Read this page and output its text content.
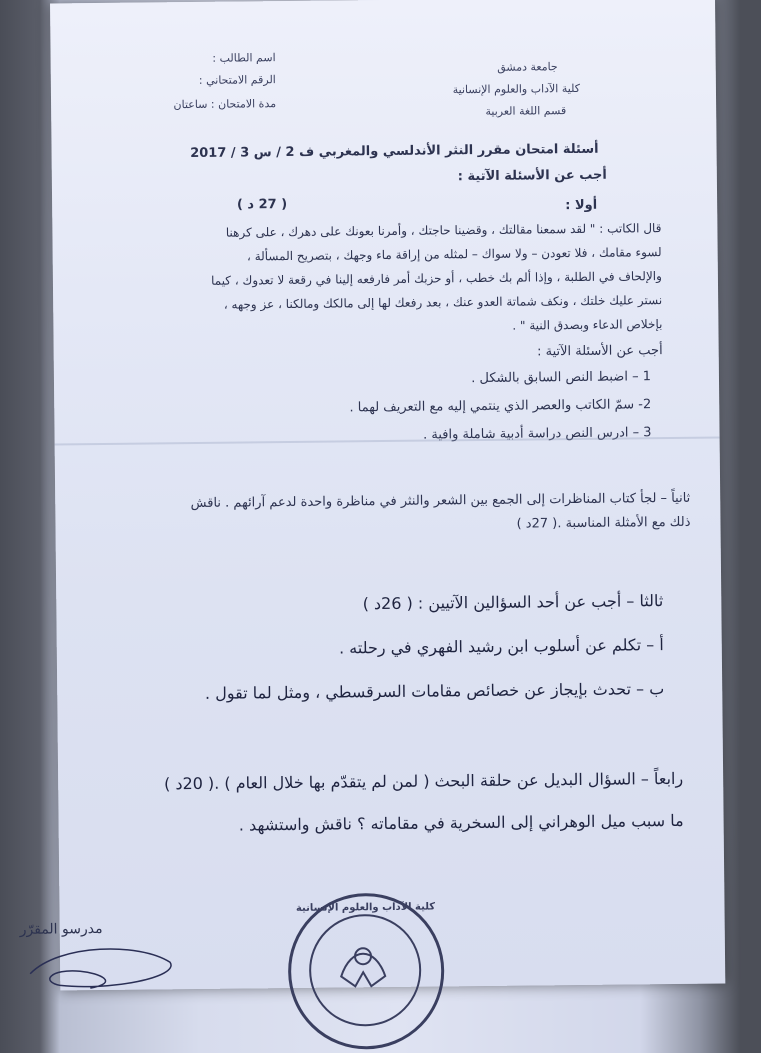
جامعة دمشق
كلية الآداب والعلوم الإنسانية
قسم اللغة العربية
اسم الطالب :
الرقم الامتحاني :
مدة الامتحان : ساعتان
أسئلة امتحان مقرر النثر الأندلسي والمغربي ف 2 / س 3 / 2017
أجب عن الأسئلة الآتية :
أولا :
( 27 د )
قال الكاتب : " لقد سمعنا مقالتك ، وقضينا حاجتك ، وأمرنا بعونك على دهرك ، على كرهنا
لسوء مقامك ، فلا تعودن – ولا سواك – لمثله من إراقة ماء وجهك ، بتصريح المسألة ،
والإلحاف في الطلبة ، وإذا ألم بك خطب ، أو حزبك أمر فارفعه إلينا في رقعة لا تعدوك ، كيما
نستر عليك خلتك ، ونكف شماتة العدو عنك ، بعد رفعك لها إلى مالكك ومالكنا ، عز وجهه ،
بإخلاص الدعاء وبصدق النية " .
أجب عن الأسئلة الآتية :
1 – اضبط النص السابق بالشكل .
2- سمّ الكاتب والعصر الذي ينتمي إليه مع التعريف لهما .
3 – ادرس النص دراسة أدبية شاملة وافية .
ثانياً – لجأ كتاب المناظرات إلى الجمع بين الشعر والنثر في مناظرة واحدة لدعم آرائهم . ناقش
ذلك مع الأمثلة المناسبة .( 27د )
ثالثا – أجب عن أحد السؤالين الآتيين : ( 26د )
أ – تكلم عن أسلوب ابن رشيد الفهري في رحلته .
ب – تحدث بإيجاز عن خصائص مقامات السرقسطي ، ومثل لما تقول .
رابعاً – السؤال البديل عن حلقة البحث ( لمن لم يتقدّم بها خلال العام ) .( 20د )
ما سبب ميل الوهراني إلى السخرية في مقاماته ؟ ناقش واستشهد .
مدرسو المقرّر
كلية الآداب والعلوم الإنسانية
